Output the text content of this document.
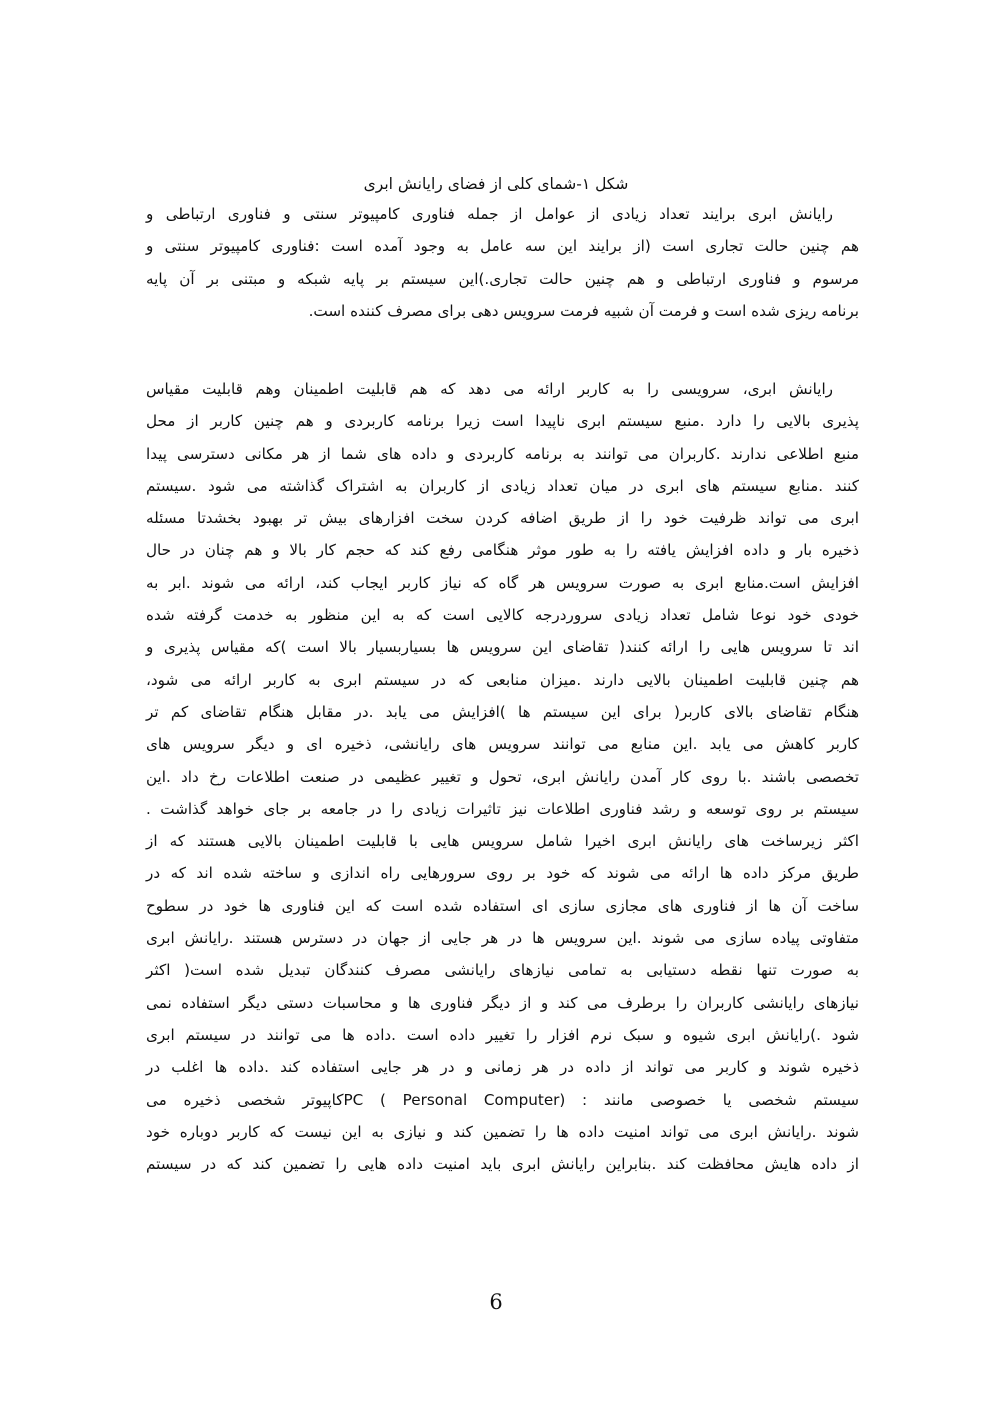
شکل ۱-شمای کلی از فضای رایانش ابری
رایانش ابری برایند تعداد زیادی از عوامل از جمله فناوری کامپیوتر سنتی و فناوری ارتباطی و
هم چنین حالت تجاری است (از برایند این سه عامل به وجود آمده است :فناوری کامپیوتر سنتی و
مرسوم و فناوری ارتباطی و هم چنین حالت تجاری.)این سیستم بر پایه شبکه و مبتنی بر آن پایه
برنامه ریزی شده است و فرمت آن شبیه فرمت سرویس دهی برای مصرف کننده است.
رایانش ابری، سرویسی را به کاربر ارائه می دهد که هم قابلیت اطمینان وهم قابلیت مقیاس
پذیری بالایی را دارد .منبع سیستم ابری ناپیدا است زیرا برنامه کاربردی و هم چنین کاربر از محل
منبع اطلاعی ندارند .کاربران می توانند به برنامه کاربردی و داده های شما از هر مکانی دسترسی پیدا
کنند .منابع سیستم های ابری در میان تعداد زیادی از کاربران به اشتراک گذاشته می شود .سیستم
ابری می تواند ظرفیت خود را از طریق اضافه کردن سخت افزارهای بیش تر بهبود بخشدتا مسئله
ذخیره بار و داده افزایش یافته را به طور موثر هنگامی رفع کند که حجم کار بالا و هم چنان در حال
افزایش است.منابع ابری به صورت سرویس هر گاه که نیاز کاربر ایجاب کند، ارائه می شوند .ابر به
خودی خود نوعا شامل تعداد زیادی سروردرجه کالایی است که به این منظور به خدمت گرفته شده
اند تا سرویس هایی را ارائه کنند( تقاضای این سرویس ها بسیاربسیار بالا است )که مقیاس پذیری و
هم چنین قابلیت اطمینان بالایی دارند .میزان منابعی که در سیستم ابری به کاربر ارائه می شود،
هنگام تقاضای بالای کاربر( برای این سیستم ها )افزایش می یابد .در مقابل هنگام تقاضای کم تر
کاربر کاهش می یابد .این منابع می توانند سرویس های رایانشی، ذخیره ای و دیگر سرویس های
تخصصی باشند .با روی کار آمدن رایانش ابری، تحول و تغییر عظیمی در صنعت اطلاعات رخ داد .این
سیستم بر روی توسعه و رشد فناوری اطلاعات نیز تاثیرات زیادی را در جامعه بر جای خواهد گذاشت .
اکثر زیرساخت های رایانش ابری اخیرا شامل سرویس هایی با قابلیت اطمینان بالایی هستند که از
طریق مرکز داده ها ارائه می شوند که خود بر روی سرورهایی راه اندازی و ساخته شده اند که در
ساخت آن ها از فناوری های مجازی سازی ای استفاده شده است که این فناوری ها خود در سطوح
متفاوتی پیاده سازی می شوند .این سرویس ها در هر جایی از جهان در دسترس هستند .رایانش ابری
به صورت تنها نقطه دستیابی به تمامی نیازهای رایانشی مصرف کنندگان تبدیل شده است( اکثر
نیازهای رایانشی کاربران را برطرف می کند و از دیگر فناوری ها و محاسبات دستی دیگر استفاده نمی
شود .)رایانش ابری شیوه و سبک نرم افزار را تغییر داده است .داده ها می توانند در سیستم ابری
ذخیره شوند و کاربر می تواند از داده در هر زمانی و در هر جایی استفاده کند .داده ها اغلب در
سیستم شخصی یا خصوصی مانند : (Personal Computer ) PCکاپیوتر شخصی ذخیره می
شوند .رایانش ابری می تواند امنیت داده ها را تضمین کند و نیازی به این نیست که کاربر دوباره خود
از داده هایش محافظت کند .بنابراین رایانش ابری باید امنیت داده هایی را تضمین کند که در سیستم
6
